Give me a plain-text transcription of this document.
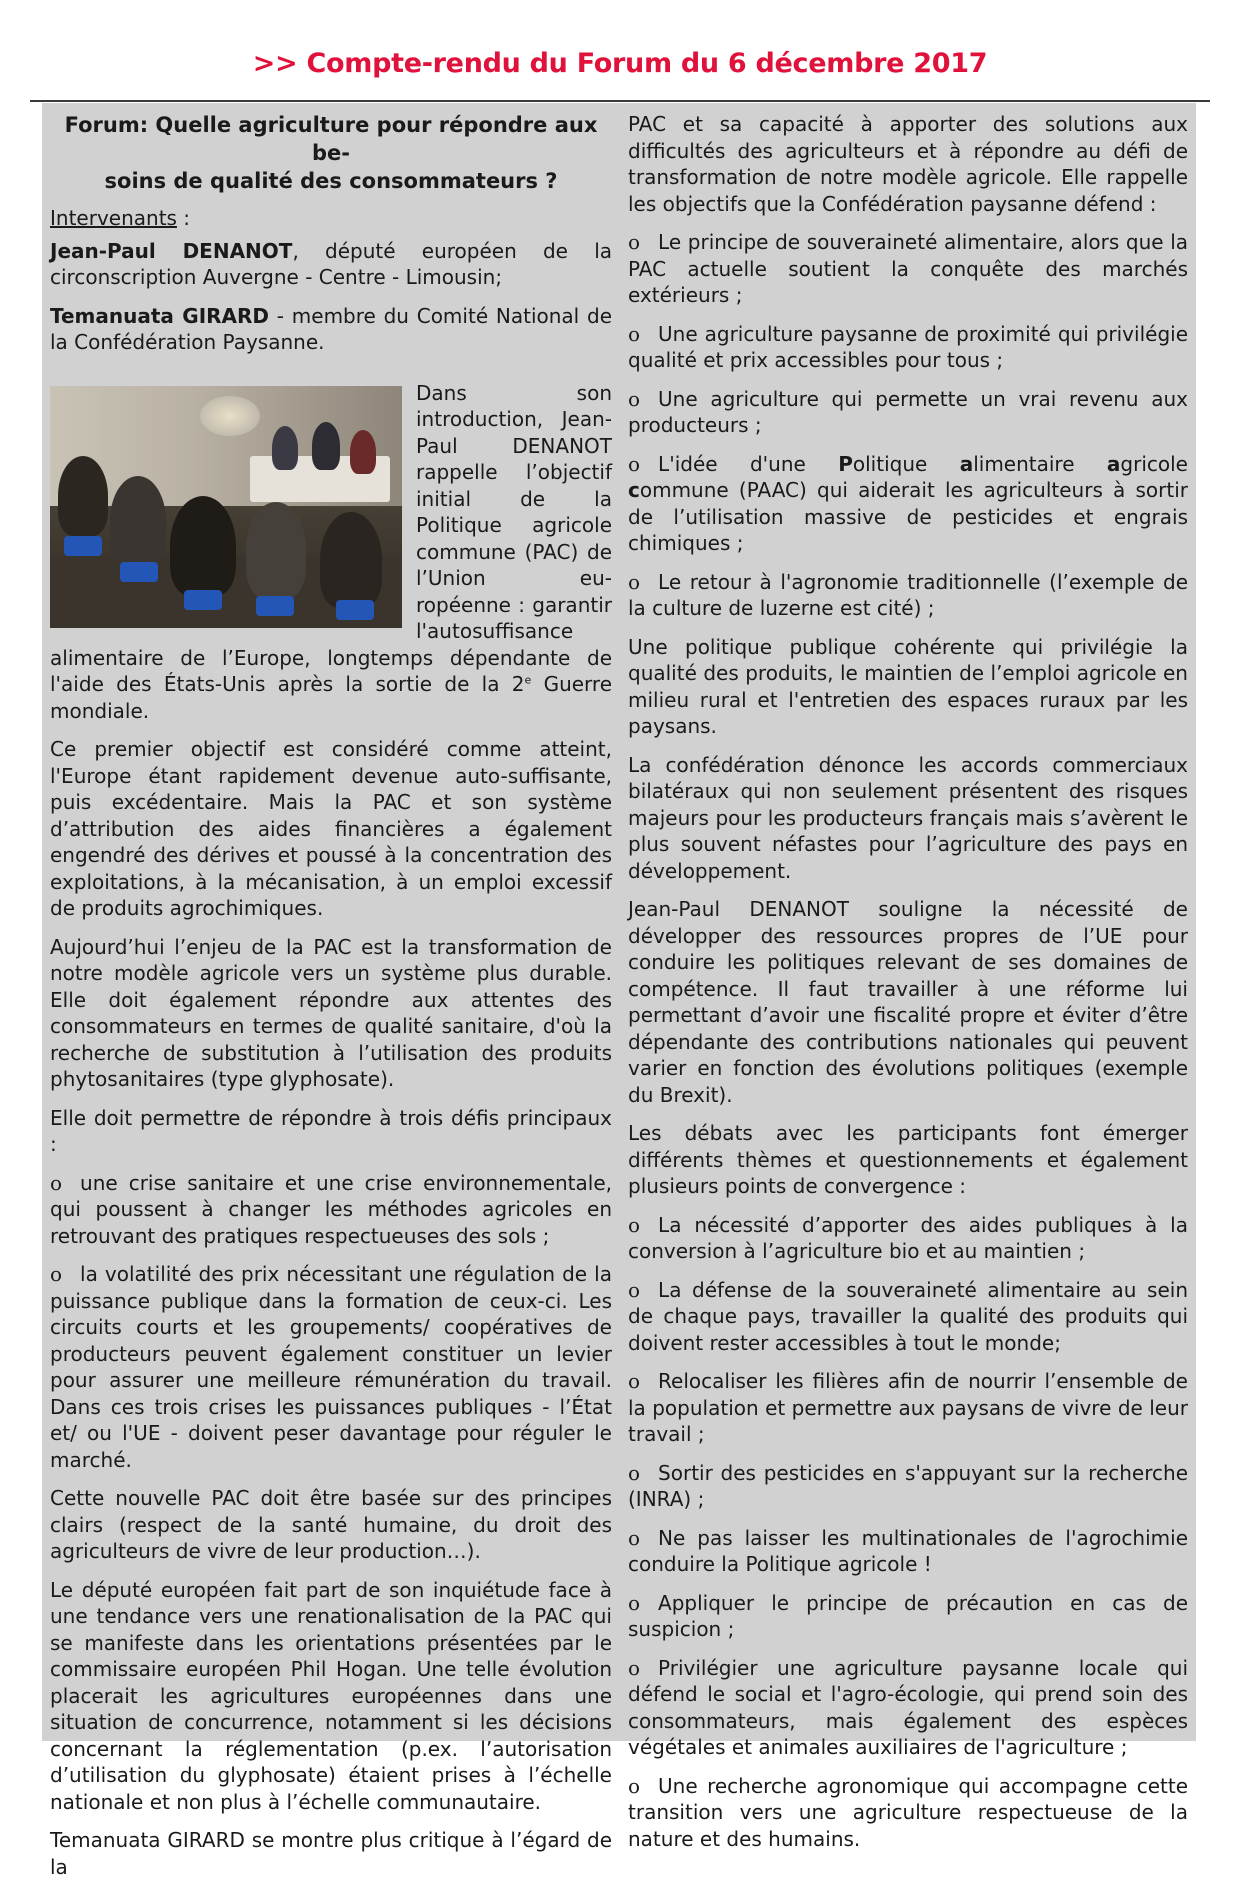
>> Compte-rendu du Forum du 6 décembre 2017
Forum: Quelle agriculture pour répondre aux be-
soins de qualité des consommateurs ?

Intervenants :

Jean-Paul DENANOT, député européen de la circonscription Auvergne - Centre - Limousin;

Temanuata GIRARD - membre du Comité National de la Confédération Paysanne.

Dans son introduction, Jean-Paul DENANOT rappelle l’objectif initial de la Politique agricole commune (PAC) de l’Union eu-ropéenne : garantir l'autosuffisance alimentaire de l’Europe, longtemps dépendante de l'aide des États-Unis après la sortie de la 2e Guerre mondiale.

Ce premier objectif est considéré comme atteint, l'Europe étant rapidement devenue auto-suffisante, puis excédentaire. Mais la PAC et son système d’attribution des aides financières a également engendré des dérives et poussé à la concentration des exploitations, à la mécanisation, à un emploi excessif de produits agrochimiques.

Aujourd’hui l’enjeu de la PAC est la transformation de notre modèle agricole vers un système plus durable. Elle doit également répondre aux attentes des consommateurs en termes de qualité sanitaire, d'où la recherche de substitution à l’utilisation des produits phytosanitaires (type glyphosate).

Elle doit permettre de répondre à trois défis principaux :

o une crise sanitaire et une crise environnementale, qui poussent à changer les méthodes agricoles en retrouvant des pratiques respectueuses des sols ;

o la volatilité des prix nécessitant une régulation de la puissance publique dans la formation de ceux-ci. Les circuits courts et les groupements/ coopératives de producteurs peuvent également constituer un levier pour assurer une meilleure rémunération du travail. Dans ces trois crises les puissances publiques - l’État et/ ou l'UE - doivent peser davantage pour réguler le marché.

Cette nouvelle PAC doit être basée sur des principes clairs (respect de la santé humaine, du droit des agriculteurs de vivre de leur production…).

Le député européen fait part de son inquiétude face à une tendance vers une renationalisation de la PAC qui se manifeste dans les orientations présentées par le commissaire européen Phil Hogan. Une telle évolution placerait les agricultures européennes dans une situation de concurrence, notamment si les décisions concernant la réglementation (p.ex. l’autorisation d’utilisation du glyphosate) étaient prises à l’échelle nationale et non plus à l’échelle communautaire.

Temanuata GIRARD se montre plus critique à l’égard de la

PAC et sa capacité à apporter des solutions aux difficultés des agriculteurs et à répondre au défi de transformation de notre modèle agricole. Elle rappelle les objectifs que la Confédération paysanne défend :

o Le principe de souveraineté alimentaire, alors que la PAC actuelle soutient la conquête des marchés extérieurs ;

o Une agriculture paysanne de proximité qui privilégie qualité et prix accessibles pour tous ;

o Une agriculture qui permette un vrai revenu aux producteurs ;

o L'idée d'une Politique alimentaire agricole commune (PAAC) qui aiderait les agriculteurs à sortir de l’utilisation massive de pesticides et engrais chimiques ;

o Le retour à l'agronomie traditionnelle (l’exemple de la culture de luzerne est cité) ;

Une politique publique cohérente qui privilégie la qualité des produits, le maintien de l’emploi agricole en milieu rural et l'entretien des espaces ruraux par les paysans.

La confédération dénonce les accords commerciaux bilatéraux qui non seulement présentent des risques majeurs pour les producteurs français mais s’avèrent le plus souvent néfastes pour l’agriculture des pays en développement.

Jean-Paul DENANOT souligne la nécessité de développer des ressources propres de l’UE pour conduire les politiques relevant de ses domaines de compétence. Il faut travailler à une réforme lui permettant d’avoir une fiscalité propre et éviter d’être dépendante des contributions nationales qui peuvent varier en fonction des évolutions politiques (exemple du Brexit).

Les débats avec les participants font émerger différents thèmes et questionnements et également plusieurs points de convergence :

o La nécessité d’apporter des aides publiques à la conversion à l’agriculture bio et au maintien ;

o La défense de la souveraineté alimentaire au sein de chaque pays, travailler la qualité des produits qui doivent rester accessibles à tout le monde;

o Relocaliser les filières afin de nourrir l’ensemble de la population et permettre aux paysans de vivre de leur travail ;

o Sortir des pesticides en s'appuyant sur la recherche (INRA) ;

o Ne pas laisser les multinationales de l'agrochimie conduire la Politique agricole !

o Appliquer le principe de précaution en cas de suspicion ;

o Privilégier une agriculture paysanne locale qui défend le social et l'agro-écologie, qui prend soin des consommateurs, mais également des espèces végétales et animales auxiliaires de l'agriculture ;

o Une recherche agronomique qui accompagne cette transition vers une agriculture respectueuse de la nature et des humains.
